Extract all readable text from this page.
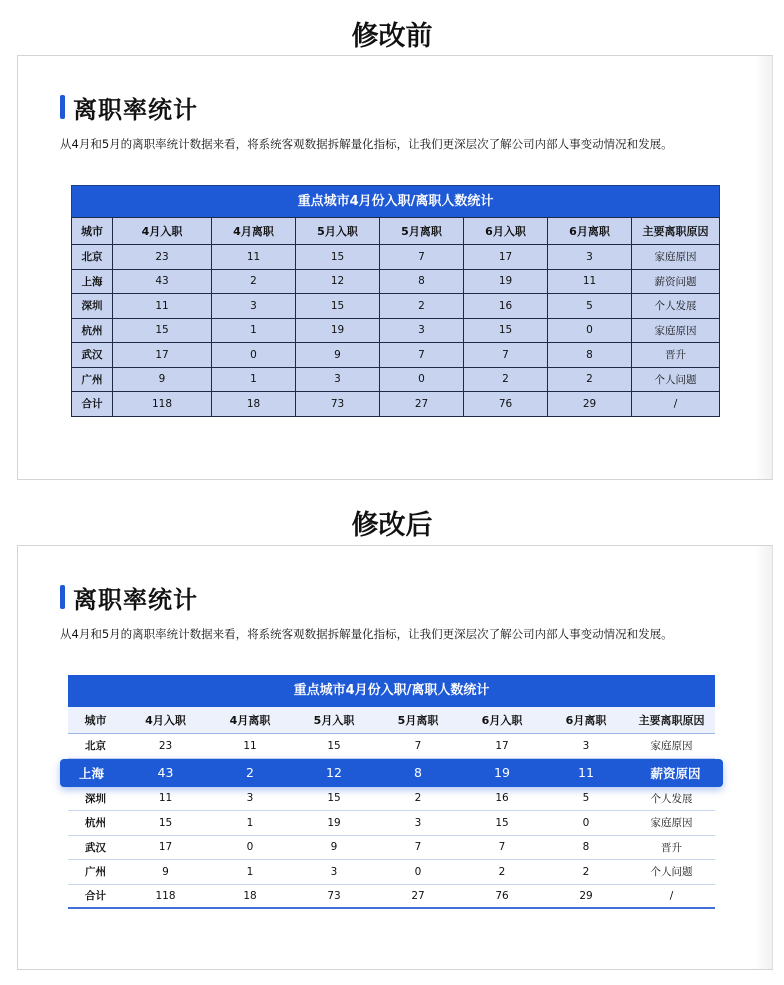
修改前
离职率统计
从4月和5月的离职率统计数据来看，将系统客观数据拆解量化指标，让我们更深层次了解公司内部人事变动情况和发展。
重点城市4月份入职/离职人数统计
城市	4月入职	4月离职	5月入职	5月离职	6月入职	6月离职	主要离职原因
北京	23	11	15	7	17	3	家庭原因
上海	43	2	12	8	19	11	薪资问题
深圳	11	3	15	2	16	5	个人发展
杭州	15	1	19	3	15	0	家庭原因
武汉	17	0	9	7	7	8	晋升
广州	9	1	3	0	2	2	个人问题
合计	118	18	73	27	76	29	/
修改后
离职率统计
从4月和5月的离职率统计数据来看，将系统客观数据拆解量化指标，让我们更深层次了解公司内部人事变动情况和发展。
重点城市4月份入职/离职人数统计
城市	4月入职	4月离职	5月入职	5月离职	6月入职	6月离职	主要离职原因
北京	23	11	15	7	17	3	家庭原因
上海	43	2	12	8	19	11	薪资原因
深圳	11	3	15	2	16	5	个人发展
杭州	15	1	19	3	15	0	家庭原因
武汉	17	0	9	7	7	8	晋升
广州	9	1	3	0	2	2	个人问题
合计	118	18	73	27	76	29	/
